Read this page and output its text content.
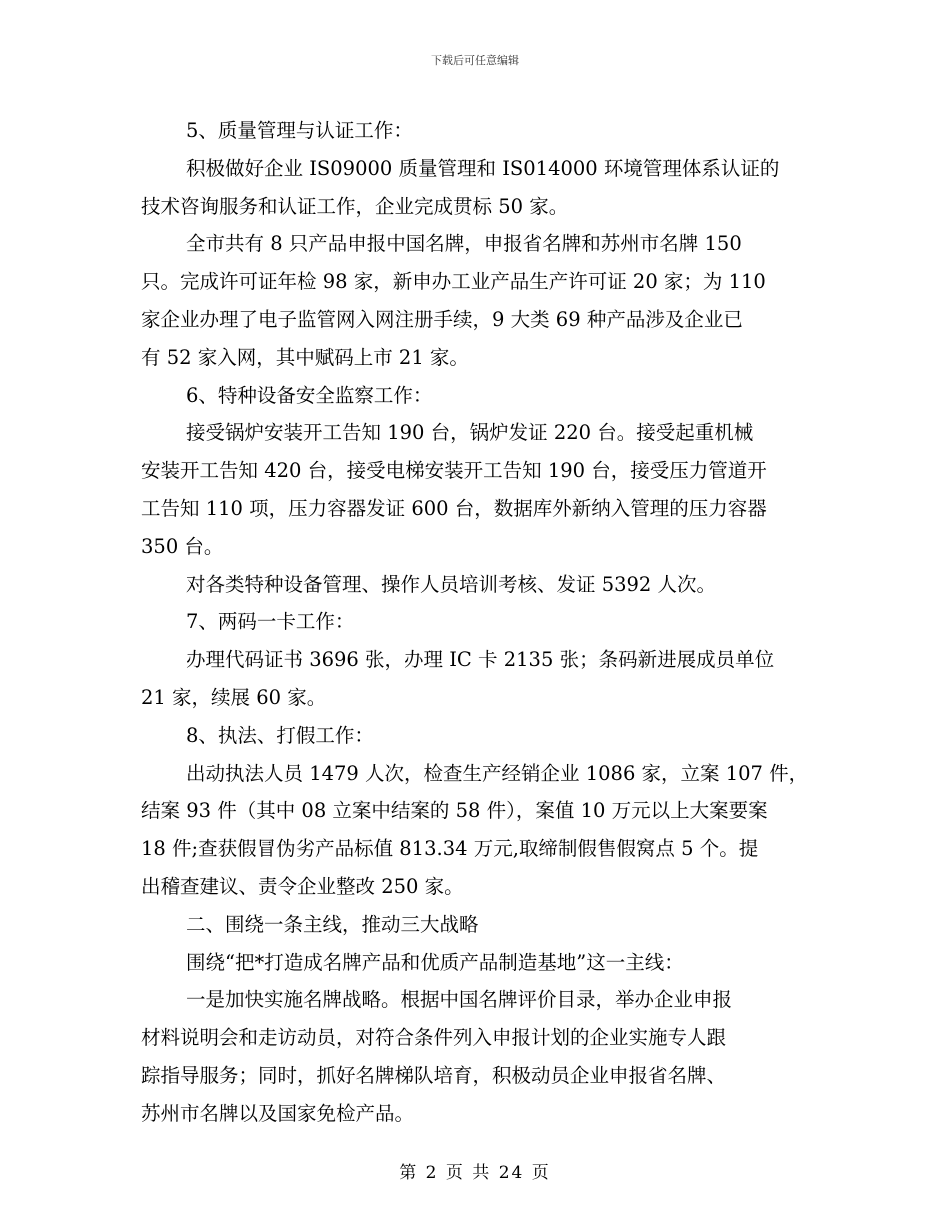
下载后可任意编辑
5、质量管理与认证工作：
积极做好企业 IS09000 质量管理和 IS014000 环境管理体系认证的
技术咨询服务和认证工作，企业完成贯标 50 家。
全市共有 8 只产品申报中国名牌，申报省名牌和苏州市名牌 150
只。完成许可证年检 98 家，新申办工业产品生产许可证 20 家；为 110
家企业办理了电子监管网入网注册手续，9 大类 69 种产品涉及企业已
有 52 家入网，其中赋码上市 21 家。
6、特种设备安全监察工作：
接受锅炉安装开工告知 190 台，锅炉发证 220 台。接受起重机械
安装开工告知 420 台，接受电梯安装开工告知 190 台，接受压力管道开
工告知 110 项，压力容器发证 600 台，数据库外新纳入管理的压力容器
350 台。
对各类特种设备管理、操作人员培训考核、发证 5392 人次。
7、两码一卡工作：
办理代码证书 3696 张，办理 IC 卡 2135 张；条码新进展成员单位
21 家，续展 60 家。
8、执法、打假工作：
出动执法人员 1479 人次，检查生产经销企业 1086 家，立案 107 件，
结案 93 件（其中 08 立案中结案的 58 件），案值 10 万元以上大案要案
18 件;查获假冒伪劣产品标值 813.34 万元,取缔制假售假窝点 5 个。提
出稽查建议、责令企业整改 250 家。
二、围绕一条主线，推动三大战略
围绕“把*打造成名牌产品和优质产品制造基地”这一主线：
一是加快实施名牌战略。根据中国名牌评价目录，举办企业申报
材料说明会和走访动员，对符合条件列入申报计划的企业实施专人跟
踪指导服务；同时，抓好名牌梯队培育，积极动员企业申报省名牌、
苏州市名牌以及国家免检产品。
第 2 页 共 24 页
